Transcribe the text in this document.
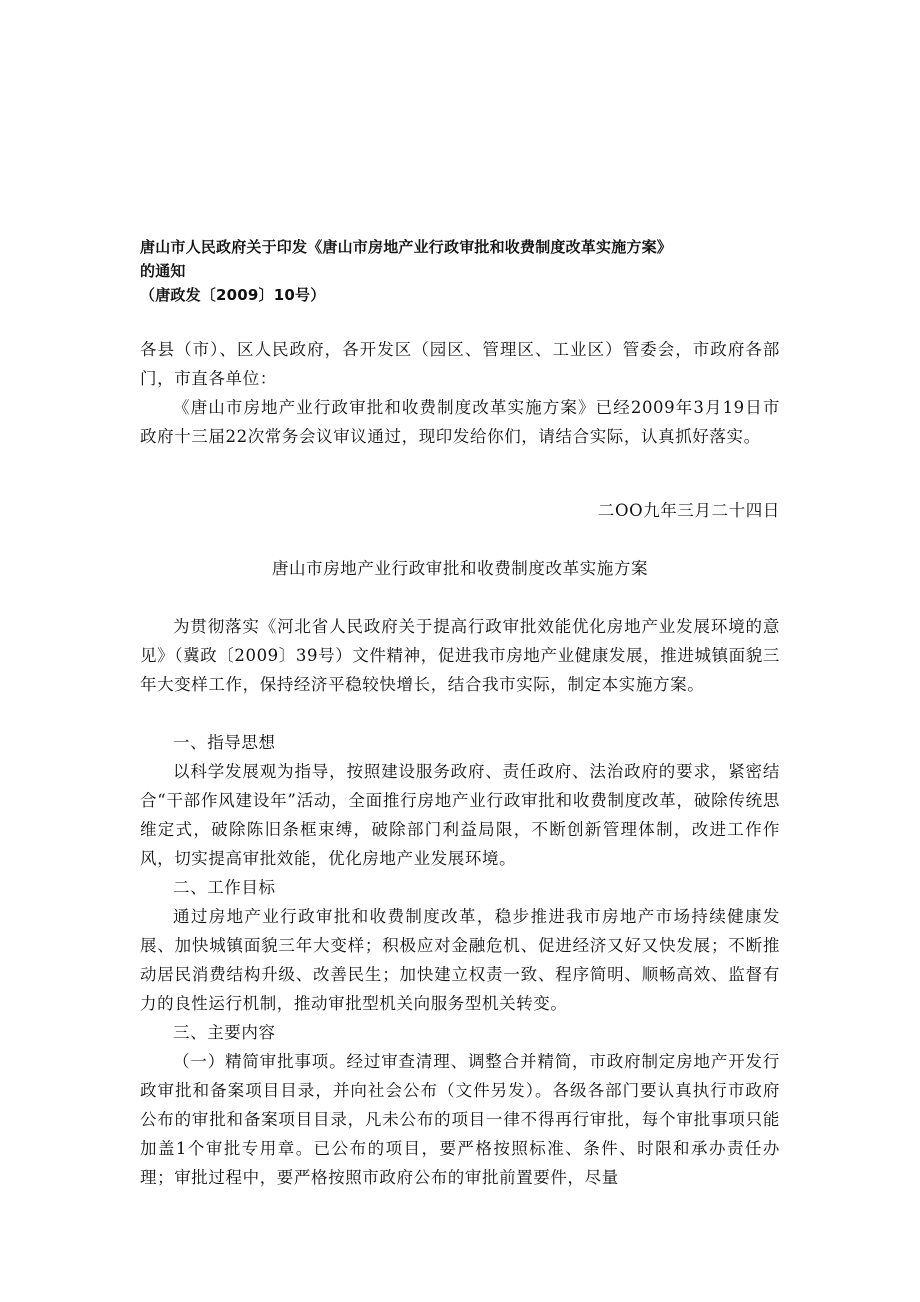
唐山市人民政府关于印发《唐山市房地产业行政审批和收费制度改革实施方案》
的通知
（唐政发〔2009〕10号）
各县（市）、区人民政府，各开发区（园区、管理区、工业区）管委会，市政府各部门，市直各单位：
《唐山市房地产业行政审批和收费制度改革实施方案》已经2009年3月19日市政府十三届22次常务会议审议通过，现印发给你们，请结合实际，认真抓好落实。
二OO九年三月二十四日
唐山市房地产业行政审批和收费制度改革实施方案
为贯彻落实《河北省人民政府关于提高行政审批效能优化房地产业发展环境的意见》（冀政〔2009〕39号）文件精神，促进我市房地产业健康发展，推进城镇面貌三年大变样工作，保持经济平稳较快增长，结合我市实际，制定本实施方案。
一、指导思想
以科学发展观为指导，按照建设服务政府、责任政府、法治政府的要求，紧密结合“干部作风建设年”活动，全面推行房地产业行政审批和收费制度改革，破除传统思维定式，破除陈旧条框束缚，破除部门利益局限，不断创新管理体制，改进工作作风，切实提高审批效能，优化房地产业发展环境。
二、工作目标
通过房地产业行政审批和收费制度改革，稳步推进我市房地产市场持续健康发展、加快城镇面貌三年大变样；积极应对金融危机、促进经济又好又快发展；不断推动居民消费结构升级、改善民生；加快建立权责一致、程序简明、顺畅高效、监督有力的良性运行机制，推动审批型机关向服务型机关转变。
三、主要内容
（一）精简审批事项。经过审查清理、调整合并精简，市政府制定房地产开发行政审批和备案项目目录，并向社会公布（文件另发）。各级各部门要认真执行市政府公布的审批和备案项目目录，凡未公布的项目一律不得再行审批，每个审批事项只能加盖1个审批专用章。已公布的项目，要严格按照标准、条件、时限和承办责任办理；审批过程中，要严格按照市政府公布的审批前置要件，尽量
